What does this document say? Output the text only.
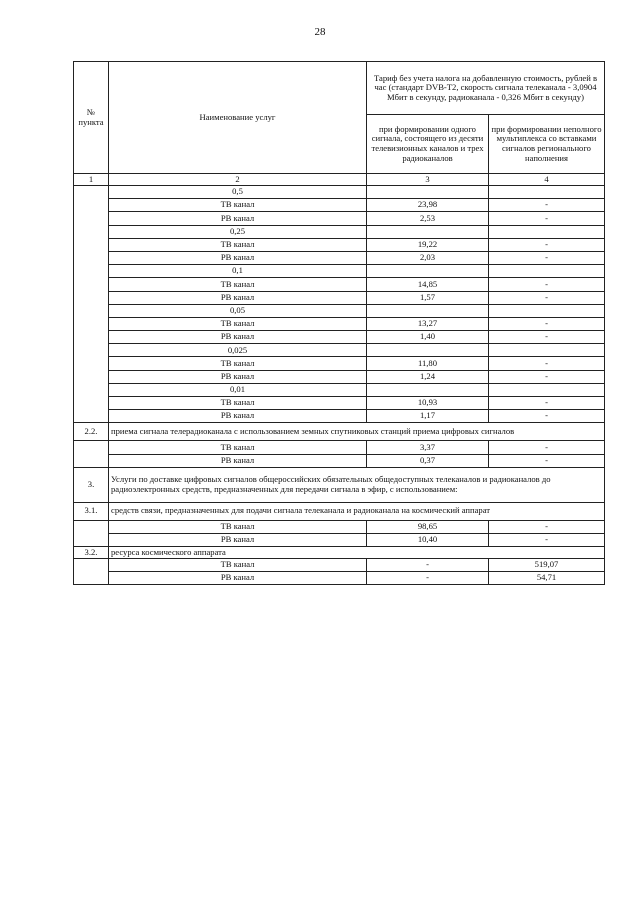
28
№ пункта	Наименование услуг	Тариф без учета налога на добавленную стоимость, рублей в час (стандарт DVB-T2, скорость сигнала телеканала - 3,0904 Мбит в секунду, радиоканала - 0,326 Мбит в секунду)	
		при формировании одного сигнала, состоящего из десяти телевизионных каналов и трех радиоканалов	при формировании неполного мультиплекса со вставками сигналов регионального наполнения
1	2	3	4
	0,5		
	ТВ канал	23,98	-
	РВ канал	2,53	-
	0,25		
	ТВ канал	19,22	-
	РВ канал	2,03	-
	0,1		
	ТВ канал	14,85	-
	РВ канал	1,57	-
	0,05		
	ТВ канал	13,27	-
	РВ канал	1,40	-
	0,025		
	ТВ канал	11,80	-
	РВ канал	1,24	-
	0,01		
	ТВ канал	10,93	-
	РВ канал	1,17	-
2.2.	приема сигнала телерадиоканала с использованием земных спутниковых станций приема цифровых сигналов		
	ТВ канал	3,37	-
	РВ канал	0,37	-
3.	Услуги по доставке цифровых сигналов общероссийских обязательных общедоступных телеканалов и радиоканалов до радиоэлектронных средств, предназначенных для передачи сигнала в эфир, с использованием:		
3.1.	средств связи, предназначенных для подачи сигнала телеканала и радиоканала на космический аппарат		
	ТВ канал	98,65	-
	РВ канал	10,40	-
3.2.	ресурса космического аппарата		
	ТВ канал	-	519,07
	РВ канал	-	54,71
